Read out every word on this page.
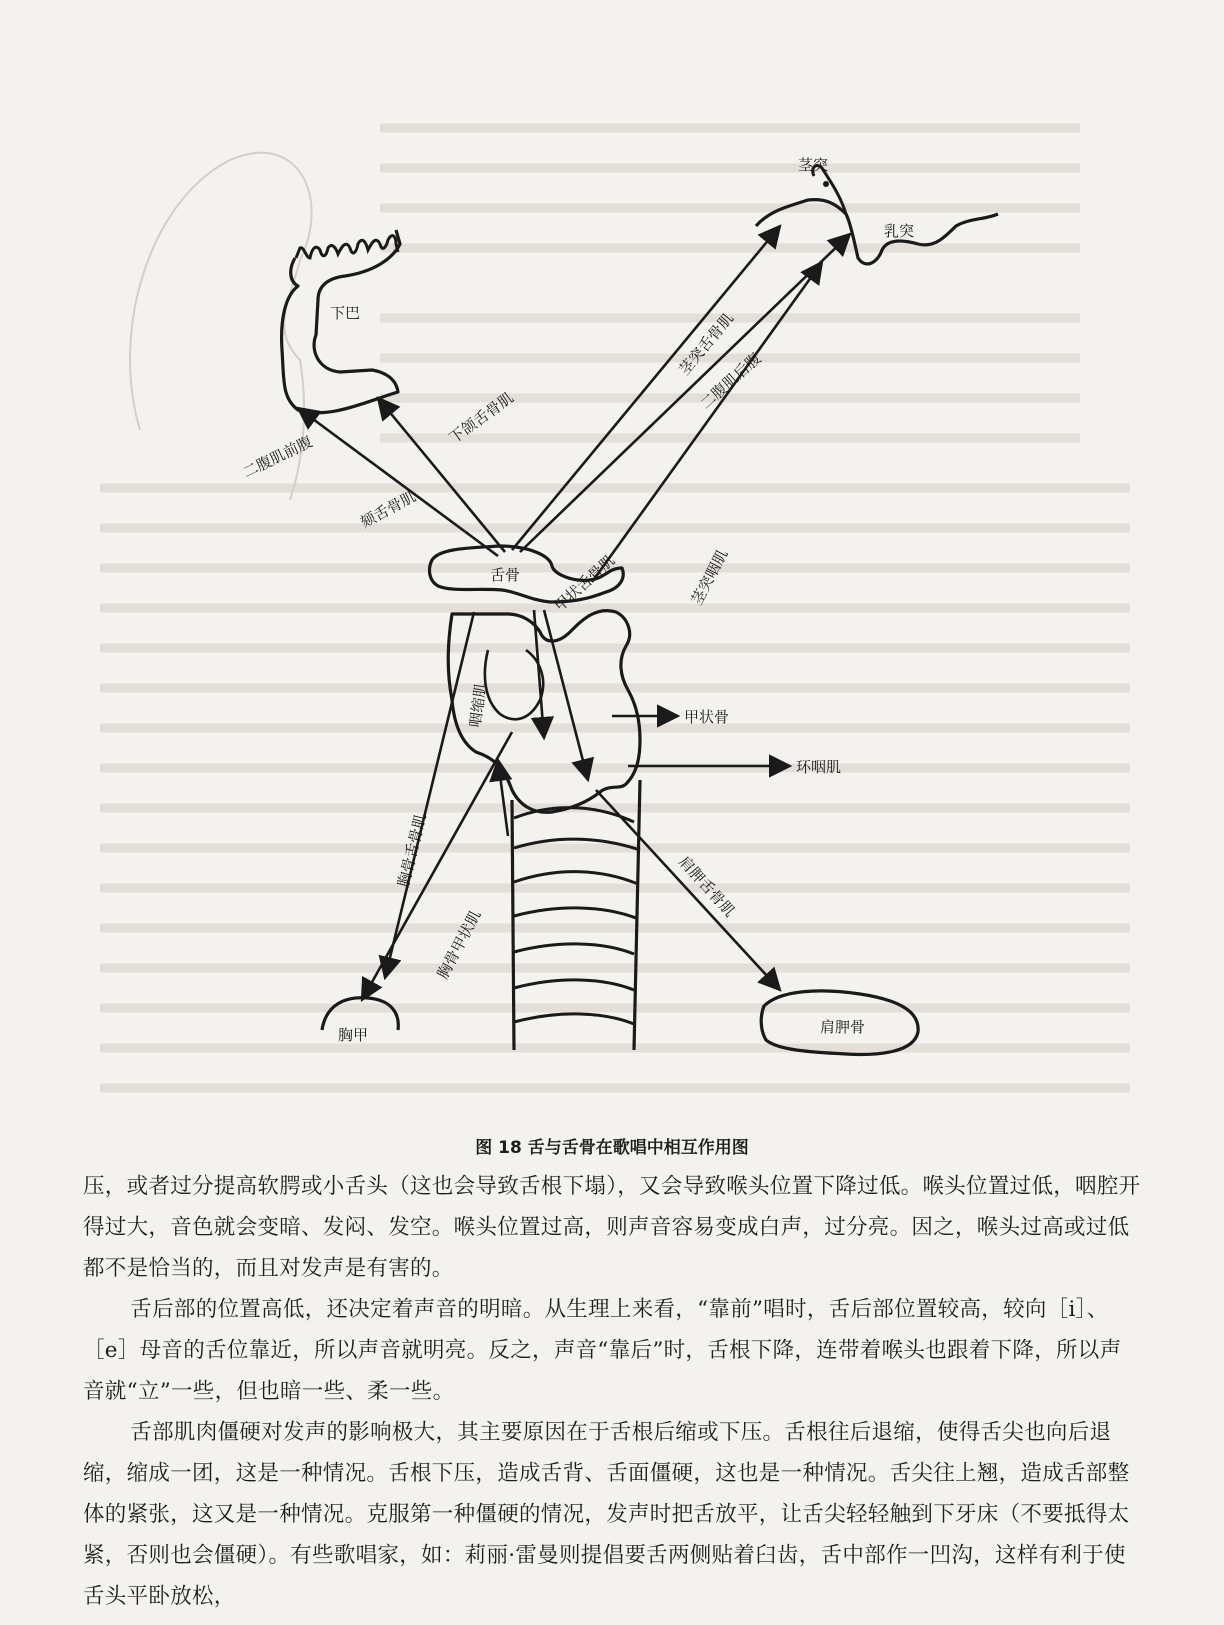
茎突
乳突
下巴
舌骨
甲状骨
环咽肌
胸甲	肩胛骨
茎突舌骨肌
二腹肌后腹
下颌舌骨肌
二腹肌前腹
颏舌骨肌
甲状舌骨肌	茎突咽肌
咽缩肌
胸骨舌骨肌
胸骨甲状肌
肩胛舌骨肌
图 18 舌与舌骨在歌唱中相互作用图

压，或者过分提高软腭或小舌头（这也会导致舌根下塌），又会导致喉头位置下降过低。喉头位置过低，咽腔开得过大，音色就会变暗、发闷、发空。喉头位置过高，则声音容易变成白声，过分亮。因之，喉头过高或过低都不是恰当的，而且对发声是有害的。

舌后部的位置高低，还决定着声音的明暗。从生理上来看，“靠前”唱时，舌后部位置较高，较向［i］、［e］母音的舌位靠近，所以声音就明亮。反之，声音“靠后”时，舌根下降，连带着喉头也跟着下降，所以声音就“立”一些，但也暗一些、柔一些。

舌部肌肉僵硬对发声的影响极大，其主要原因在于舌根后缩或下压。舌根往后退缩，使得舌尖也向后退缩，缩成一团，这是一种情况。舌根下压，造成舌背、舌面僵硬，这也是一种情况。舌尖往上翘，造成舌部整体的紧张，这又是一种情况。克服第一种僵硬的情况，发声时把舌放平，让舌尖轻轻触到下牙床（不要抵得太紧，否则也会僵硬）。有些歌唱家，如：莉丽·雷曼则提倡要舌两侧贴着臼齿，舌中部作一凹沟，这样有利于使舌头平卧放松，
